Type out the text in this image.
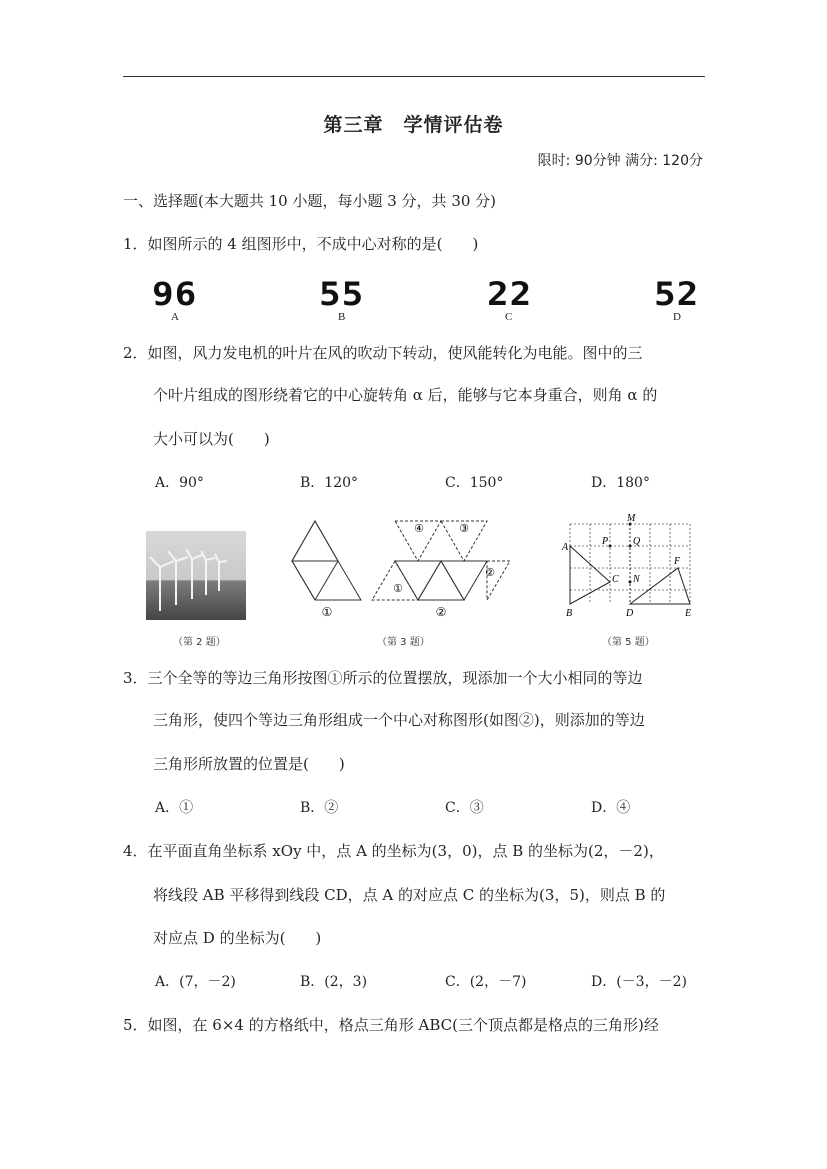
第三章　学情评估卷
限时: 90分钟 满分: 120分
一、选择题(本大题共 10 小题，每小题 3 分，共 30 分)
1．如图所示的 4 组图形中，不成中心对称的是(　　)
96	55	22	52
A	B	C	D
2．如图，风力发电机的叶片在风的吹动下转动，使风能转化为电能。图中的三
个叶片组成的图形绕着它的中心旋转角 α 后，能够与它本身重合，则角 α 的
大小可以为(　　)
A．90°	B．120°	C．150°	D．180°
④	③
②
①
①	②
M
P Q
A
C N
F
B	D	E
（第 2 题）	（第 3 题）	（第 5 题）
3．三个全等的等边三角形按图①所示的位置摆放，现添加一个大小相同的等边
三角形，使四个等边三角形组成一个中心对称图形(如图②)，则添加的等边
三角形所放置的位置是(　　)
A．①	B．②	C．③	D．④
4．在平面直角坐标系 xOy 中，点 A 的坐标为(3，0)，点 B 的坐标为(2，－2)，
将线段 AB 平移得到线段 CD，点 A 的对应点 C 的坐标为(3，5)，则点 B 的
对应点 D 的坐标为(　　)
A．(7，－2)	B．(2，3)	C．(2，－7)	D．(－3，－2)
5．如图，在 6×4 的方格纸中，格点三角形 ABC(三个顶点都是格点的三角形)经
